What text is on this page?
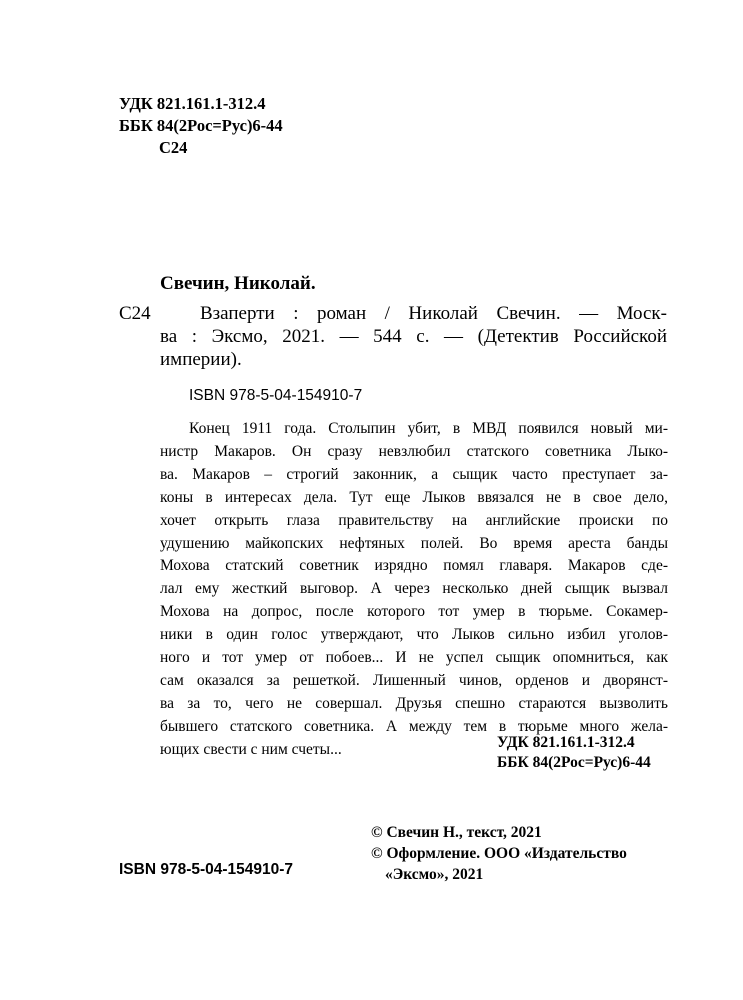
УДК 821.161.1-312.4
ББК 84(2Рос=Рус)6-44
С24
Свечин, Николай.
С24	Взаперти : роман / Николай Свечин. — Моск-
ва : Эксмо, 2021. — 544 с. — (Детектив Российской
империи).
ISBN 978-5-04-154910-7
Конец 1911 года. Столыпин убит, в МВД появился новый ми-
нистр Макаров. Он сразу невзлюбил статского советника Лыко-
ва. Макаров – строгий законник, а сыщик часто преступает за-
коны в интересах дела. Тут еще Лыков ввязался не в свое дело,
хочет открыть глаза правительству на английские происки по
удушению майкопских нефтяных полей. Во время ареста банды
Мохова статский советник изрядно помял главаря. Макаров сде-
лал ему жесткий выговор. А через несколько дней сыщик вызвал
Мохова на допрос, после которого тот умер в тюрьме. Сокамер-
ники в один голос утверждают, что Лыков сильно избил уголов-
ного и тот умер от побоев... И не успел сыщик опомниться, как
сам оказался за решеткой. Лишенный чинов, орденов и дворянст-
ва за то, чего не совершал. Друзья спешно стараются вызволить
бывшего статского советника. А между тем в тюрьме много жела-
ющих свести с ним счеты...	УДК 821.161.1-312.4
ББК 84(2Рос=Рус)6-44
© Свечин Н., текст, 2021
© Оформление. ООО «Издательство
«Эксмо», 2021
ISBN 978-5-04-154910-7
